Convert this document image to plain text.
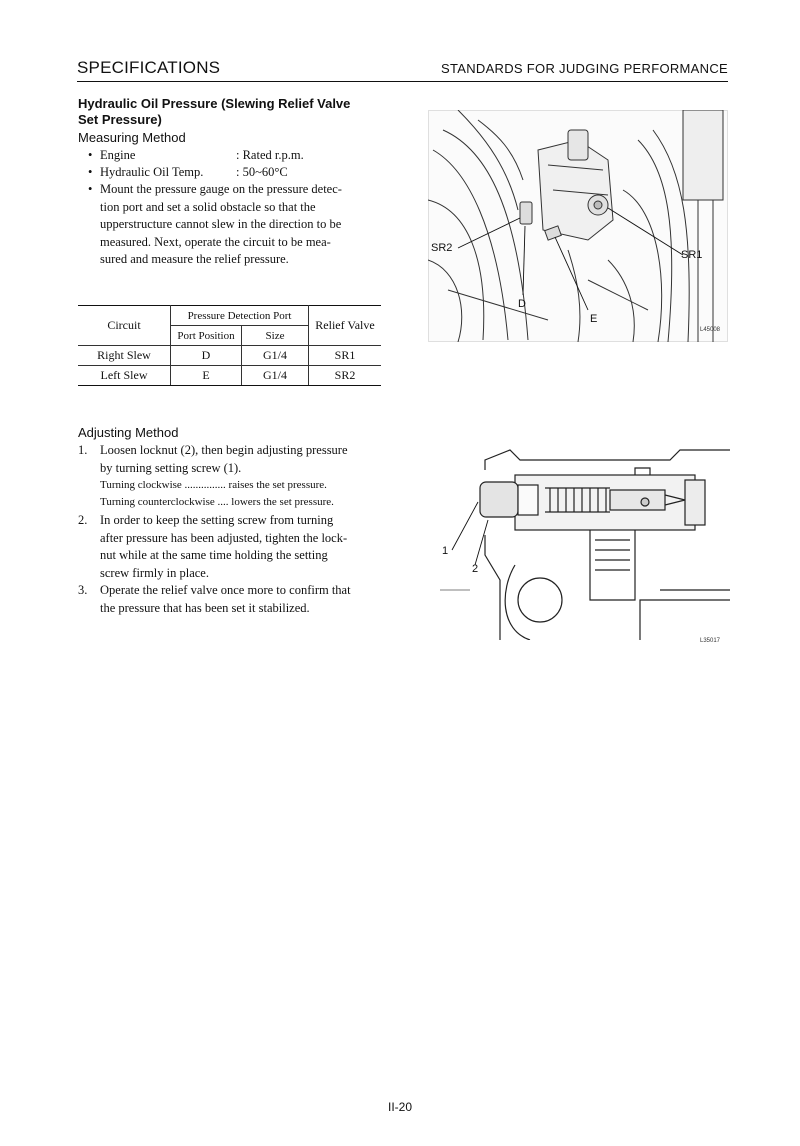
SPECIFICATIONS	STANDARDS FOR JUDGING PERFORMANCE
Hydraulic Oil Pressure (Slewing Relief Valve
Set Pressure)
Measuring Method
• Engine	: Rated r.p.m.
• Hydraulic Oil Temp.	: 50~60°C
• Mount the pressure gauge on the pressure detec-
tion port and set a solid obstacle so that the
upperstructure cannot slew in the direction to be
measured. Next, operate the circuit to be mea-
sured and measure the relief pressure.
Circuit	Pressure Detection Port		Relief Valve
	Port Position	Size	
Right Slew	D	G1/4	SR1
Left Slew	E	G1/4	SR2
Adjusting Method
1. Loosen locknut (2), then begin adjusting pressure
by turning setting screw (1).
Turning clockwise ............... raises the set pressure.
Turning counterclockwise .... lowers the set pressure.
2. In order to keep the setting screw from turning
after pressure has been adjusted, tighten the lock-
nut while at the same time holding the setting
screw firmly in place.
3. Operate the relief valve once more to confirm that
the pressure that has been set it stabilized.
SR2
SR1
D
E
L45008
1
2
L35017
II-20
